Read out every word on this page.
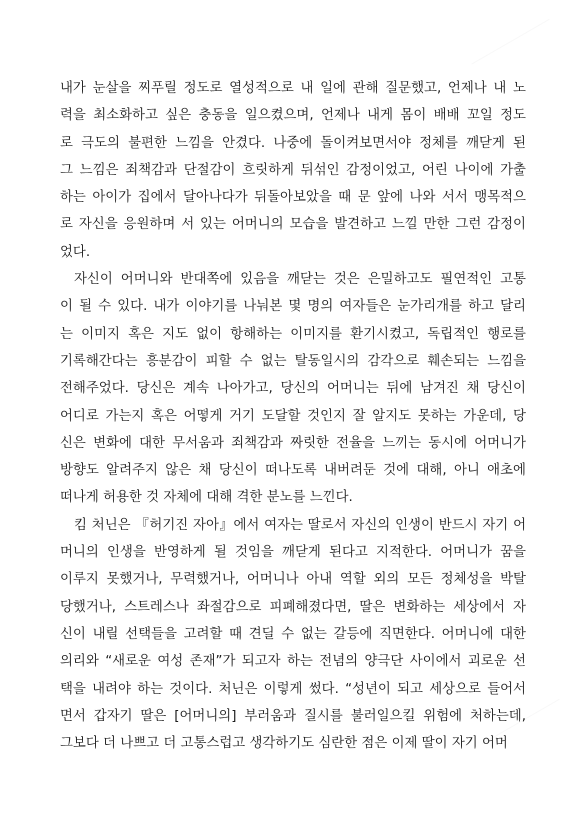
내가 눈살을 찌푸릴 정도로 열성적으로 내 일에 관해 질문했고, 언제나 내 노
력을 최소화하고 싶은 충동을 일으켰으며, 언제나 내게 몸이 배배 꼬일 정도
로 극도의 불편한 느낌을 안겼다. 나중에 돌이켜보면서야 정체를 깨닫게 된
그 느낌은 죄책감과 단절감이 흐릿하게 뒤섞인 감정이었고, 어린 나이에 가출
하는 아이가 집에서 달아나다가 뒤돌아보았을 때 문 앞에 나와 서서 맹목적으
로 자신을 응원하며 서 있는 어머니의 모습을 발견하고 느낄 만한 그런 감정이
었다.
자신이 어머니와 반대쪽에 있음을 깨닫는 것은 은밀하고도 필연적인 고통
이 될 수 있다. 내가 이야기를 나눠본 몇 명의 여자들은 눈가리개를 하고 달리
는 이미지 혹은 지도 없이 항해하는 이미지를 환기시켰고, 독립적인 행로를
기록해간다는 흥분감이 피할 수 없는 탈동일시의 감각으로 훼손되는 느낌을
전해주었다. 당신은 계속 나아가고, 당신의 어머니는 뒤에 남겨진 채 당신이
어디로 가는지 혹은 어떻게 거기 도달할 것인지 잘 알지도 못하는 가운데, 당
신은 변화에 대한 무서움과 죄책감과 짜릿한 전율을 느끼는 동시에 어머니가
방향도 알려주지 않은 채 당신이 떠나도록 내버려둔 것에 대해, 아니 애초에
떠나게 허용한 것 자체에 대해 격한 분노를 느낀다.
킴 처닌은 『허기진 자아』에서 여자는 딸로서 자신의 인생이 반드시 자기 어
머니의 인생을 반영하게 될 것임을 깨닫게 된다고 지적한다. 어머니가 꿈을
이루지 못했거나, 무력했거나, 어머니나 아내 역할 외의 모든 정체성을 박탈
당했거나, 스트레스나 좌절감으로 피폐해졌다면, 딸은 변화하는 세상에서 자
신이 내릴 선택들을 고려할 때 견딜 수 없는 갈등에 직면한다. 어머니에 대한
의리와 “새로운 여성 존재”가 되고자 하는 전념의 양극단 사이에서 괴로운 선
택을 내려야 하는 것이다. 처닌은 이렇게 썼다. “성년이 되고 세상으로 들어서
면서 갑자기 딸은 [어머니의] 부러움과 질시를 불러일으킬 위험에 처하는데,
그보다 더 나쁘고 더 고통스럽고 생각하기도 심란한 점은 이제 딸이 자기 어머
